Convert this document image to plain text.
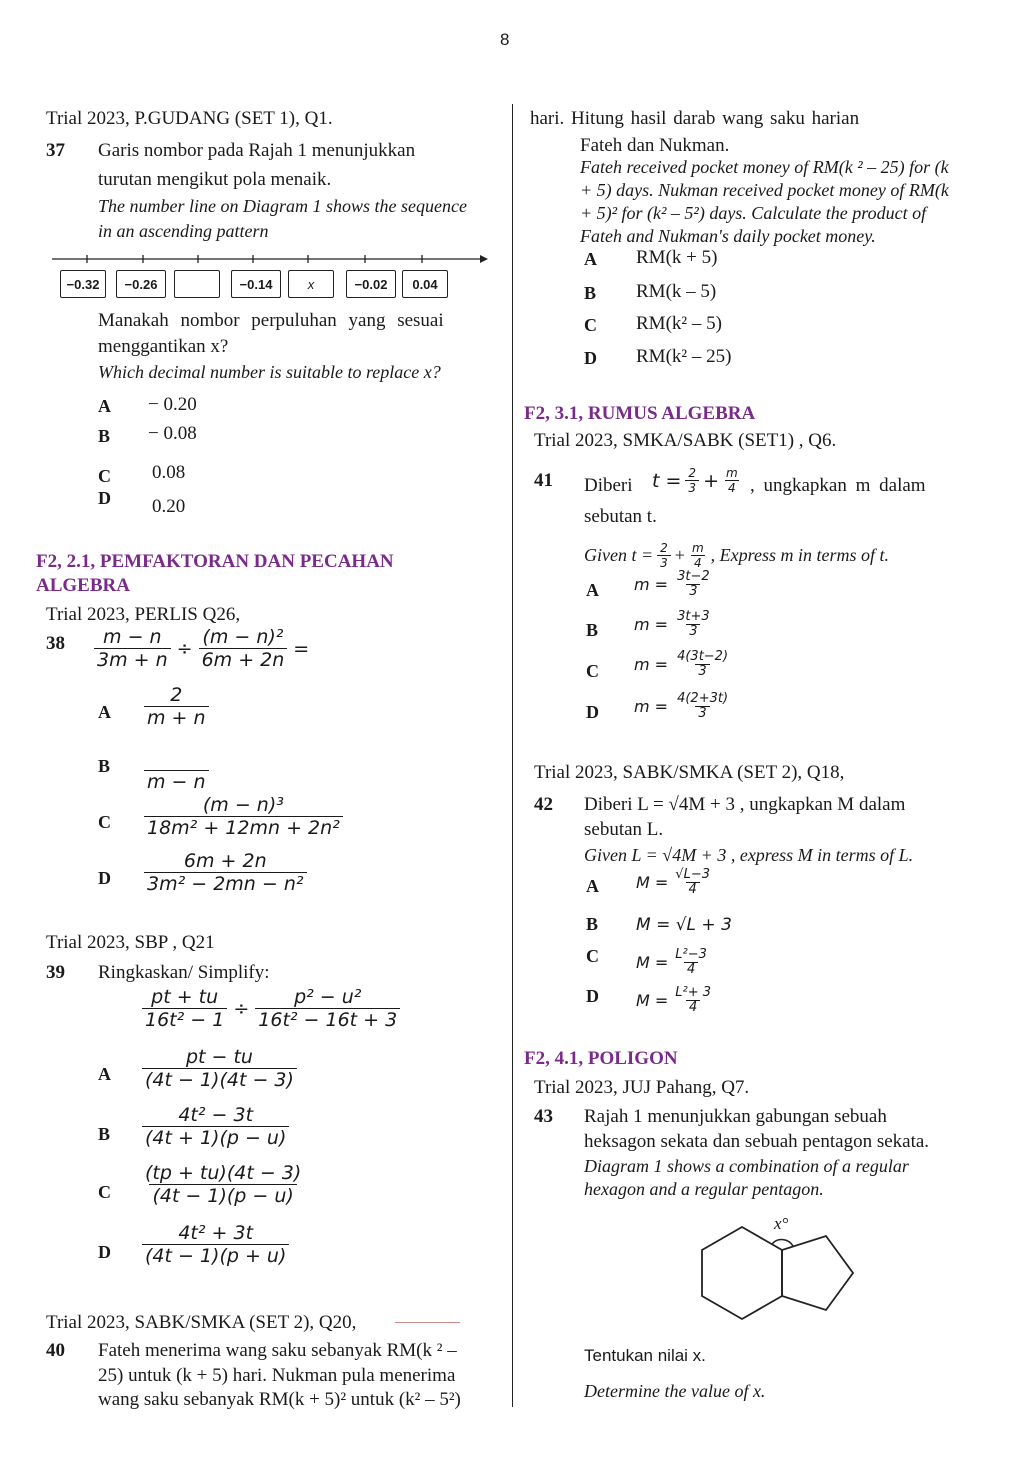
8
Trial 2023, P.GUDANG (SET 1), Q1.
37 Garis nombor pada Rajah 1 menunjukkan
turutan mengikut pola menaik.
The number line on Diagram 1 shows the sequence
in an ascending pattern
−0.32	−0.26	−0.14	x	−0.02	0.04
Manakah nombor perpuluhan yang sesuai
menggantikan x?
Which decimal number is suitable to replace x?
A − 0.20
B − 0.08
C 0.08
D 0.20
F2, 2.1, PEMFAKTORAN DAN PECAHAN
ALGEBRA
Trial 2023, PERLIS Q26,
$38 \frac{m - n}{3m + n} \div \frac{\text{(m − n)²}}{6m + 2n}$ =
A $\frac{2}{m + n}$
B $\frac{2}{m - n}$
C $\frac{\text{(m − n)³}}{\text{18m² + 12mn + 2n²}}$
D $\frac{6m + 2n}{\text{3m² − 2mn − n²}}$
Trial 2023, SBP , Q21
39 Ringkaskan/ Simplify:
$\frac{pt + tu}{\text{16t² − 1}} \div \frac{\text{p² − u²}}{\text{16t² − 16t + 3}}$
A $\frac{pt - tu}{(4t - 1)(4t - 3)}$
B $\frac{\text{4t² − 3t}}{(4t + 1)(p - u)}$
C $\frac{(tp + tu)(4t - 3)}{(4t - 1)(p - u)}$
D $\frac{\text{4t² + 3t}}{(4t - 1)(p + u)}$
Trial 2023, SABK/SMKA (SET 2), Q20,
40 Fateh menerima wang saku sebanyak RM(k ² –
25) untuk (k + 5) hari. Nukman pula menerima
wang saku sebanyak RM(k + 5)² untuk (k² – 5²)
hari. Hitung hasil darab wang saku harian
Fateh dan Nukman.
Fateh received pocket money of RM(k ² – 25) for (k
+ 5) days. Nukman received pocket money of RM(k
+ 5)² for (k² – 5²) days. Calculate the product of
Fateh and Nukman's daily pocket money.
A RM(k + 5)
B RM(k – 5)
C RM(k² – 5)
D RM(k² – 25)
F2, 3.1, RUMUS ALGEBRA
Trial 2023, SMKA/SABK (SET1) , Q6.
41 Diberi $t = \frac{2}{3} + \frac{m}{4}$ , ungkapkan m dalam
sebutan t.
Given $t = \frac{2}{3} + \frac{m}{4}$ , Express m in terms of t.
A $m = \frac{3t-2}{3}$
B $m = \frac{3t+3}{3}$
C $m = \frac{4(3t-2)}{3}$
D $m = \frac{4(2+3t)}{3}$
Trial 2023, SABK/SMKA (SET 2), Q18,
42 Diberi L = √4M + 3 , ungkapkan M dalam
sebutan L.
Given L = √4M + 3 , express M in terms of L.
A $M = \frac{√L-3}{4}$
B M = √L + 3
C $M = \frac{\text{L²−3}}{4}$
D $M = \frac{\text{L²+ 3}}{4}$
F2, 4.1, POLIGON
Trial 2023, JUJ Pahang, Q7.
43 Rajah 1 menunjukkan gabungan sebuah
heksagon sekata dan sebuah pentagon sekata.
Diagram 1 shows a combination of a regular
hexagon and a regular pentagon.
x°
Tentukan nilai x.
Determine the value of x.
